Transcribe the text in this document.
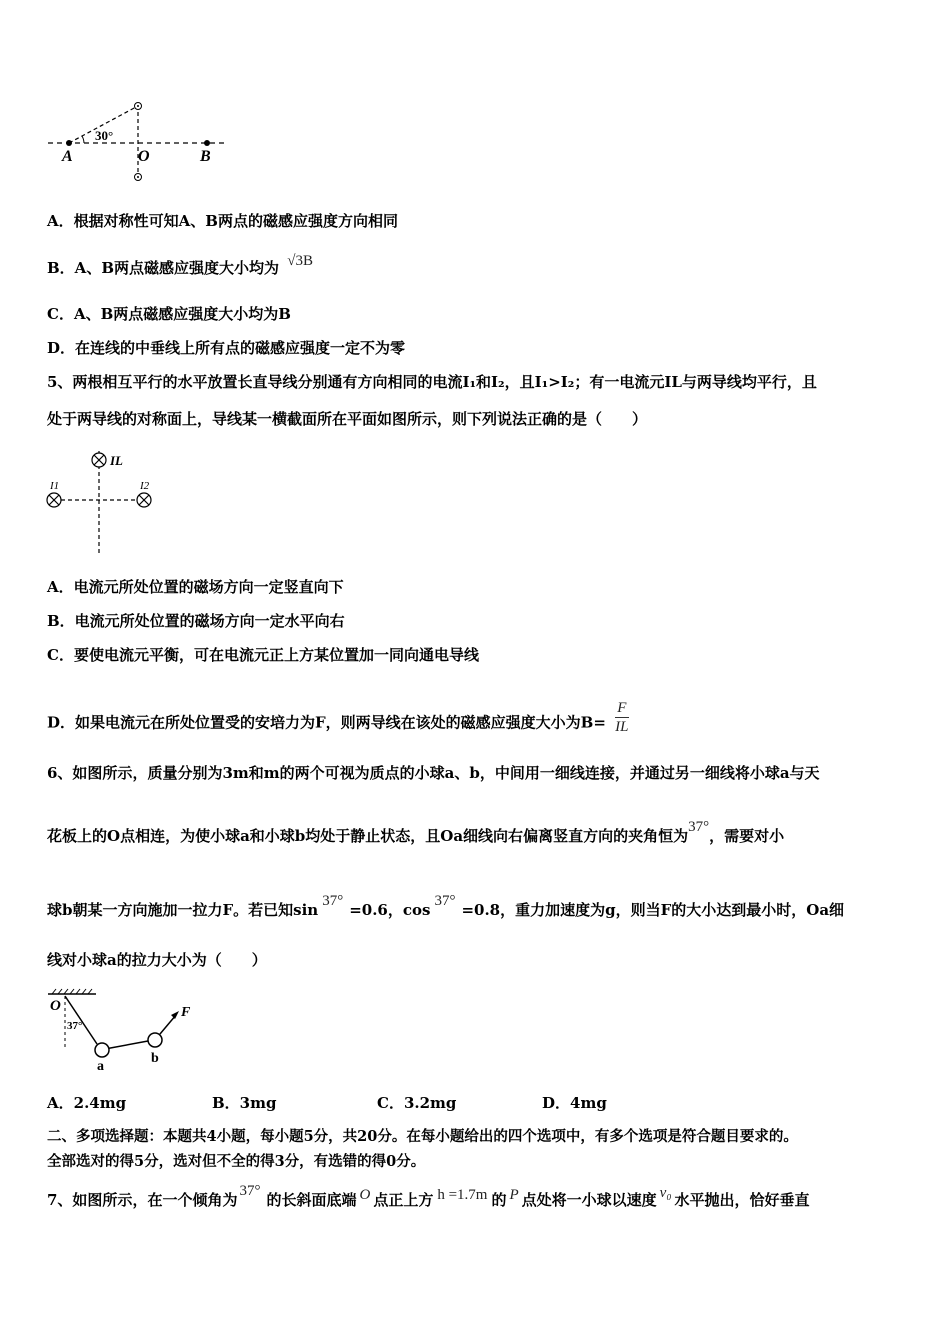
30°
A	O	B
A．根据对称性可知A、B两点的磁感应强度方向相同
B．A、B两点磁感应强度大小均为 √3B
C．A、B两点磁感应强度大小均为B
D．在连线的中垂线上所有点的磁感应强度一定不为零
5、两根相互平行的水平放置长直导线分别通有方向相同的电流I₁和I₂，且I₁>I₂；有一电流元IL与两导线均平行，且
处于两导线的对称面上，导线某一横截面所在平面如图所示，则下列说法正确的是（　　）
IL
I1	I2
A．电流元所处位置的磁场方向一定竖直向下
B．电流元所处位置的磁场方向一定水平向右
C．要使电流元平衡，可在电流元正上方某位置加一同向通电导线
D．如果电流元在所处位置受的安培力为F，则两导线在该处的磁感应强度大小为$B= \frac{F}{IL}$
6、如图所示，质量分别为3m和m的两个可视为质点的小球a、b，中间用一细线连接，并通过另一细线将小球a与天
花板上的O点相连，为使小球a和小球b均处于静止状态，且Oa细线向右偏离竖直方向的夹角恒为37°，需要对小
球b朝某一方向施加一拉力F。若已知sin 37° =0.6，cos 37° =0.8，重力加速度为g，则当F的大小达到最小时，Oa细
线对小球a的拉力大小为（　　）
O
37°
a
b
F
A．2.4mg	B．3mg	C．3.2mg	D．4mg
二、多项选择题：本题共4小题，每小题5分，共20分。在每小题给出的四个选项中，有多个选项是符合题目要求的。
全部选对的得5分，选对但不全的得3分，有选错的得0分。
7、如图所示，在一个倾角为 37° 的长斜面底端 O 点正上方 h =1.7m 的 P 点处将一小球以速度 v₀ 水平抛出，恰好垂直
